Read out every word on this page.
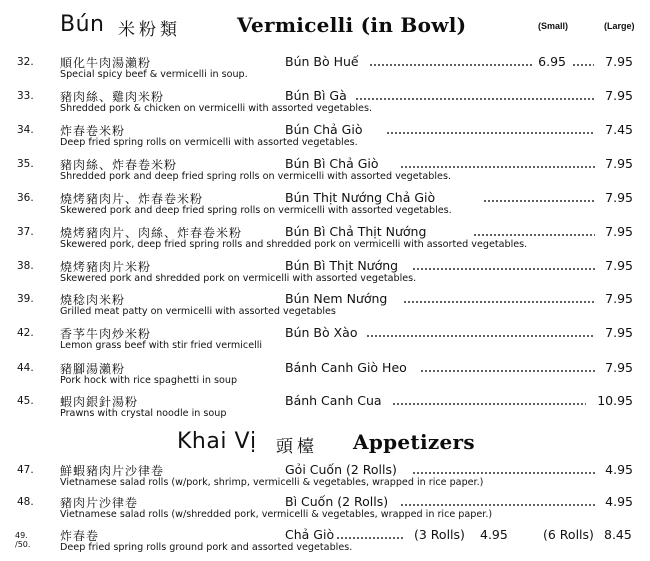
Bún 米粉類	Vermicelli (in Bowl)	(Small)	(Large)
32.	順化牛肉湯瀨粉
Special spicy beef & vermicelli in soup.
Bún Bò Huế	6.95	7.95
33.	豬肉絲、雞肉米粉
Shredded pork & chicken on vermicelli with assorted vegetables.
Bún Bì Gà	7.95
34.	炸春卷米粉
Deep fried spring rolls on vermicelli with assorted vegetables.
Bún Chả Giò	7.45
35.	豬肉絲、炸春卷米粉
Shredded pork and deep fried spring rolls on vermicelli with assorted vegetables.
Bún Bì Chả Giò	7.95
36.	燒烤豬肉片、炸春卷米粉
Skewered pork and deep fried spring rolls on vermicelli with assorted vegetables.
Bún Thịt Nướng Chả Giò	7.95
37.	燒烤豬肉片、肉絲、炸春卷米粉
Skewered pork, deep fried spring rolls and shredded pork on vermicelli with assorted vegetables.
Bún Bì Chả Thịt Nướng	7.95
38.	燒烤豬肉片米粉
Skewered pork and shredded pork on vermicelli with assorted vegetables.
Bún Bì Thịt Nướng	7.95
39.	燒稔肉米粉
Grilled meat patty on vermicelli with assorted vegetables
Bún Nem Nướng	7.95
42.	香芧牛肉炒米粉
Lemon grass beef with stir fried vermicelli
Bún Bò Xào	7.95
44.	豬腳湯瀨粉
Pork hock with rice spaghetti in soup
Bánh Canh Giò Heo	7.95
45.	蝦肉銀針湯粉
Prawns with crystal noodle in soup
Bánh Canh Cua	10.95
Khai Vị 頭檯 Appetizers
47.	鮮蝦豬肉片沙律卷
Vietnamese salad rolls (w/pork, shrimp, vermicelli & vegetables, wrapped in rice paper.)
Gỏi Cuốn (2 Rolls)	4.95
48.	豬肉片沙律卷
Vietnamese salad rolls (w/shredded pork, vermicelli & vegetables, wrapped in rice paper.)
Bì Cuốn (2 Rolls)	4.95
49. /50.
炸春卷
Deep fried spring rolls ground pork and assorted vegetables.
Chả Giò	(3 Rolls) 4.95	(6 Rolls) 8.45
